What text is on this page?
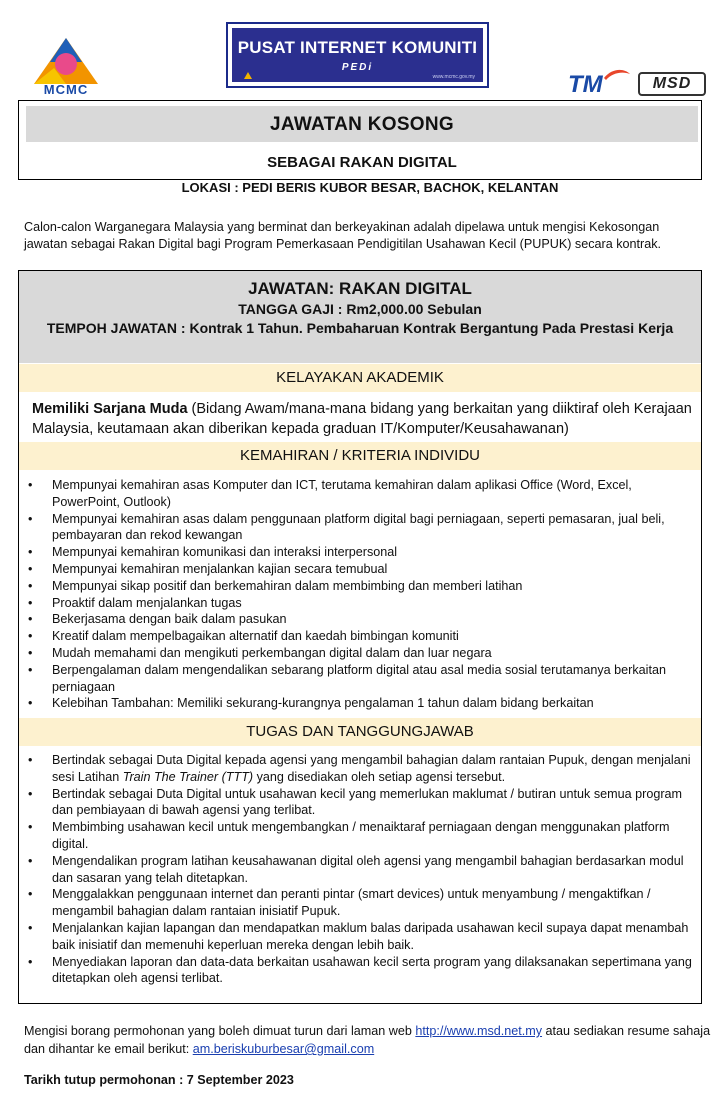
MCMC
PUSAT INTERNET KOMUNITI
PEDi
www.mcmc.gov.my	TM	MSD
JAWATAN KOSONG
SEBAGAI RAKAN DIGITAL
LOKASI : PEDI BERIS KUBOR BESAR, BACHOK, KELANTAN
Calon-calon Warganegara Malaysia yang berminat dan berkeyakinan adalah dipelawa untuk mengisi Kekosongan jawatan sebagai Rakan Digital bagi Program Pemerkasaan Pendigitilan Usahawan Kecil (PUPUK) secara kontrak.
JAWATAN: RAKAN DIGITAL
TANGGA GAJI : Rm2,000.00 Sebulan
TEMPOH JAWATAN : Kontrak 1 Tahun. Pembaharuan Kontrak Bergantung Pada Prestasi Kerja
KELAYAKAN AKADEMIK
Memiliki Sarjana Muda (Bidang Awam/mana-mana bidang yang berkaitan yang diiktiraf oleh Kerajaan Malaysia, keutamaan akan diberikan kepada graduan IT/Komputer/Keusahawanan)
KEMAHIRAN / KRITERIA INDIVIDU
• Mempunyai kemahiran asas Komputer dan ICT, terutama kemahiran dalam aplikasi Office (Word, Excel, PowerPoint, Outlook)
• Mempunyai kemahiran asas dalam penggunaan platform digital bagi perniagaan, seperti pemasaran, jual beli, pembayaran dan rekod kewangan
• Mempunyai kemahiran komunikasi dan interaksi interpersonal
• Mempunyai kemahiran menjalankan kajian secara temubual
• Mempunyai sikap positif dan berkemahiran dalam membimbing dan memberi latihan
• Proaktif dalam menjalankan tugas
• Bekerjasama dengan baik dalam pasukan
• Kreatif dalam mempelbagaikan alternatif dan kaedah bimbingan komuniti
• Mudah memahami dan mengikuti perkembangan digital dalam dan luar negara
• Berpengalaman dalam mengendalikan sebarang platform digital atau asal media sosial terutamanya berkaitan perniagaan
• Kelebihan Tambahan: Memiliki sekurang-kurangnya pengalaman 1 tahun dalam bidang berkaitan
TUGAS DAN TANGGUNGJAWAB
• Bertindak sebagai Duta Digital kepada agensi yang mengambil bahagian dalam rantaian Pupuk, dengan menjalani sesi Latihan Train The Trainer (TTT) yang disediakan oleh setiap agensi tersebut.
• Bertindak sebagai Duta Digital untuk usahawan kecil yang memerlukan maklumat / butiran untuk semua program dan pembiayaan di bawah agensi yang terlibat.
• Membimbing usahawan kecil untuk mengembangkan / menaiktaraf perniagaan dengan menggunakan platform digital.
• Mengendalikan program latihan keusahawanan digital oleh agensi yang mengambil bahagian berdasarkan modul dan sasaran yang telah ditetapkan.
• Menggalakkan penggunaan internet dan peranti pintar (smart devices) untuk menyambung / mengaktifkan / mengambil bahagian dalam rantaian inisiatif Pupuk.
• Menjalankan kajian lapangan dan mendapatkan maklum balas daripada usahawan kecil supaya dapat menambah baik inisiatif dan memenuhi keperluan mereka dengan lebih baik.
• Menyediakan laporan dan data-data berkaitan usahawan kecil serta program yang dilaksanakan sepertimana yang ditetapkan oleh agensi terlibat.
Mengisi borang permohonan yang boleh dimuat turun dari laman web http://www.msd.net.my atau sediakan resume sahaja dan dihantar ke email berikut: am.beriskuburbesar@gmail.com
Tarikh tutup permohonan : 7 September 2023
